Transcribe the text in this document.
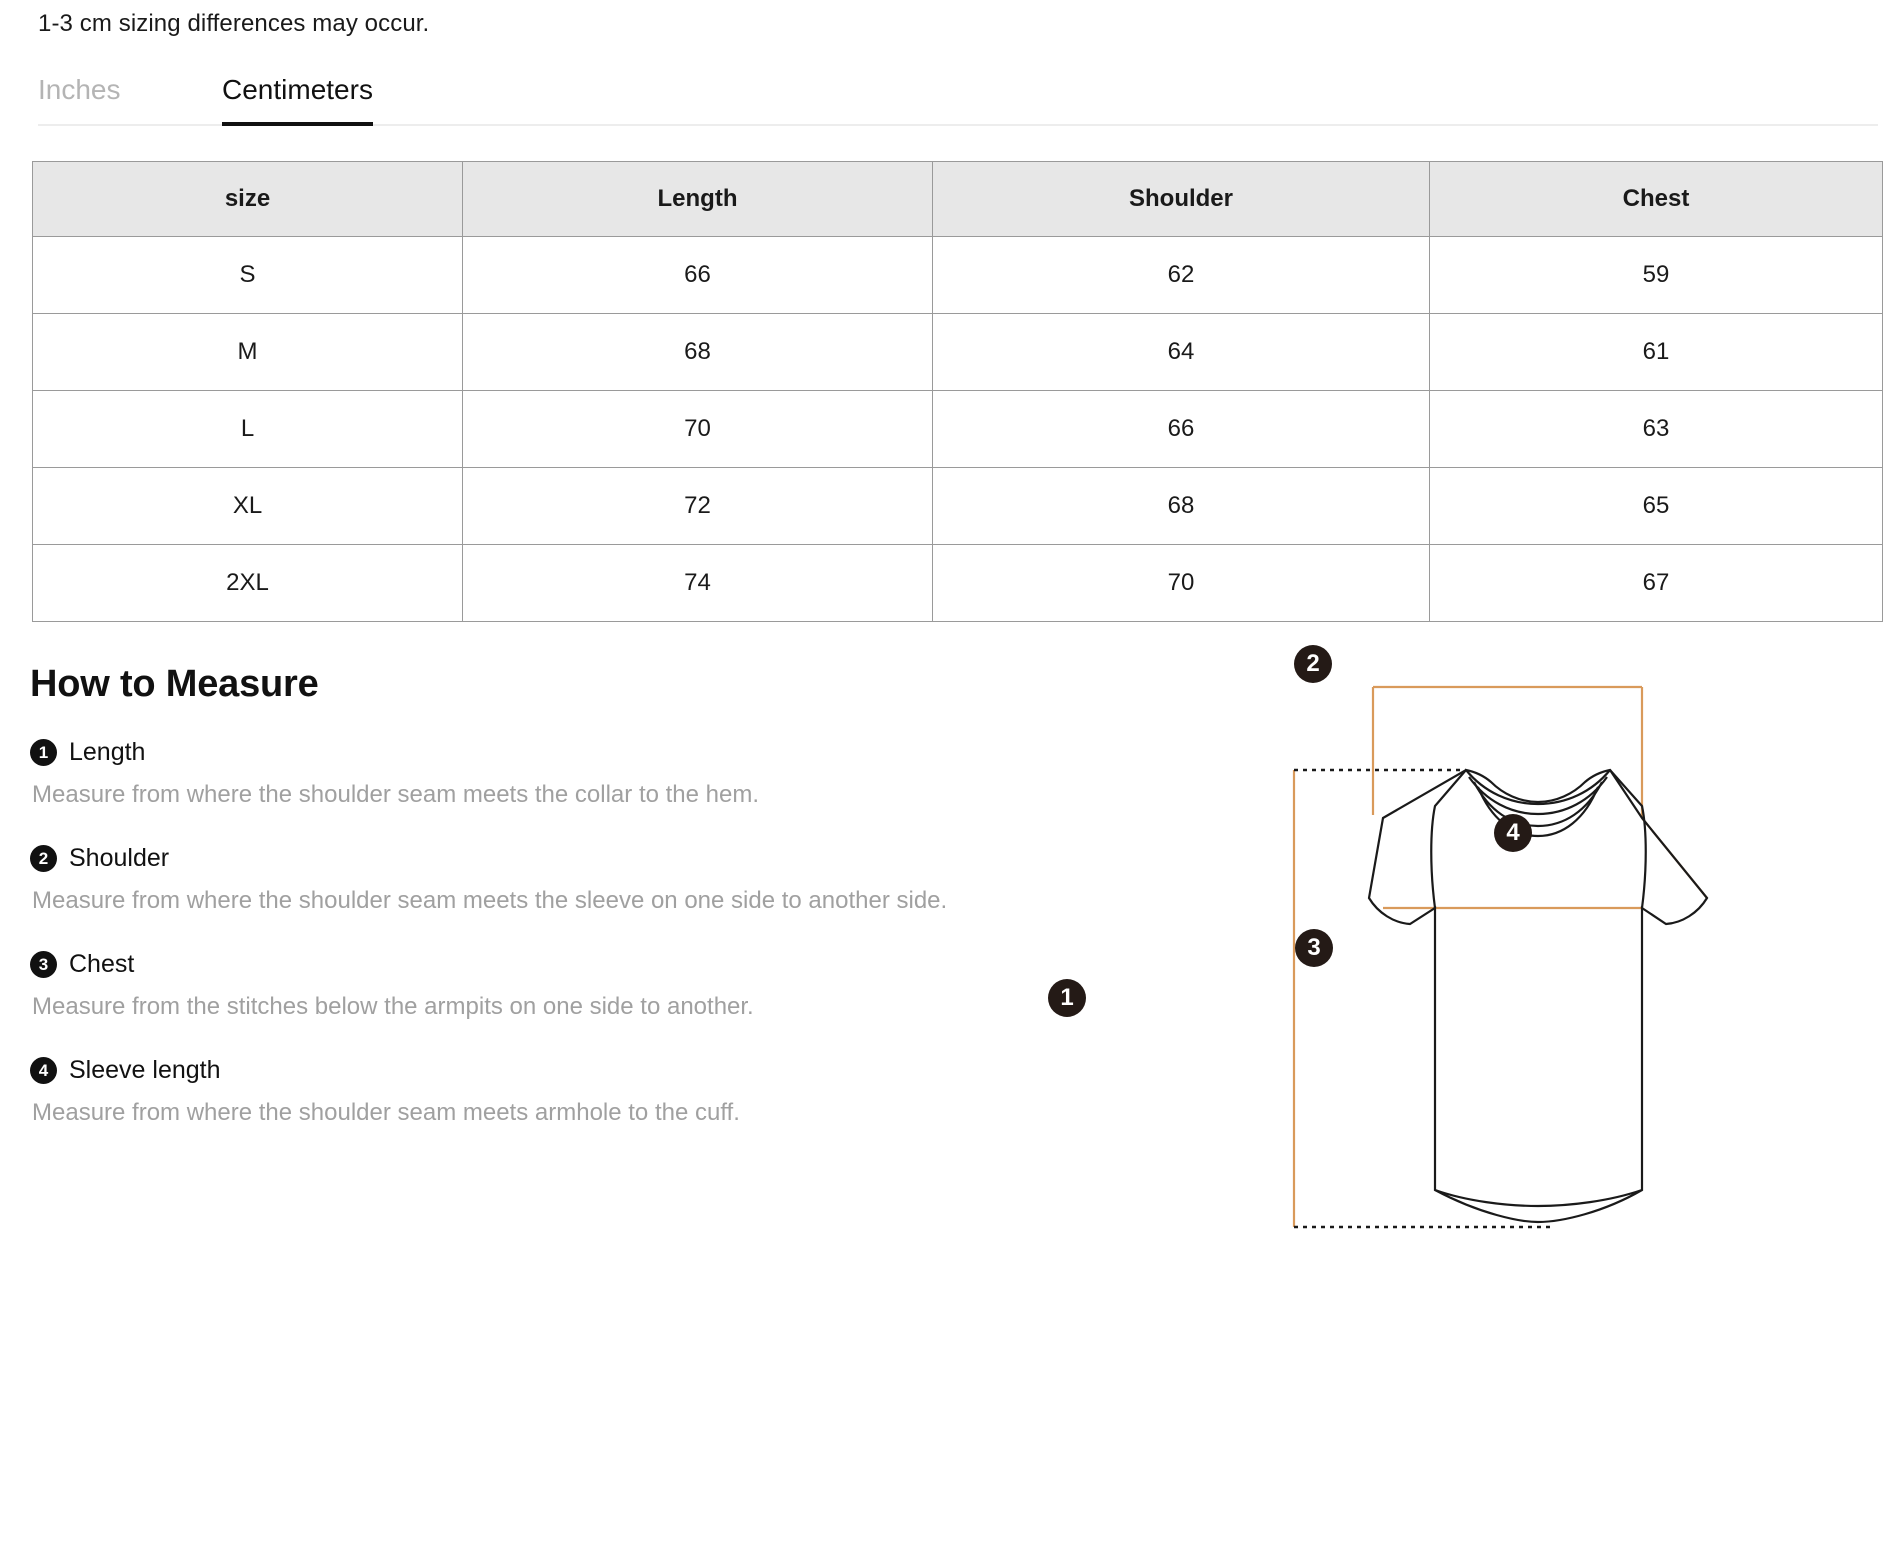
1-3 cm sizing differences may occur.
Inches	Centimeters
size	Length	Shoulder	Chest
S	66	62	59
M	68	64	61
L	70	66	63
XL	72	68	65
2XL	74	70	67
How to Measure
1 Length

Measure from where the shoulder seam meets the collar to the hem.

2 Shoulder

Measure from where the shoulder seam meets the sleeve on one side to another side.

3 Chest

Measure from the stitches below the armpits on one side to another.

4 Sleeve length

Measure from where the shoulder seam meets armhole to the cuff.

1
2
3
4
